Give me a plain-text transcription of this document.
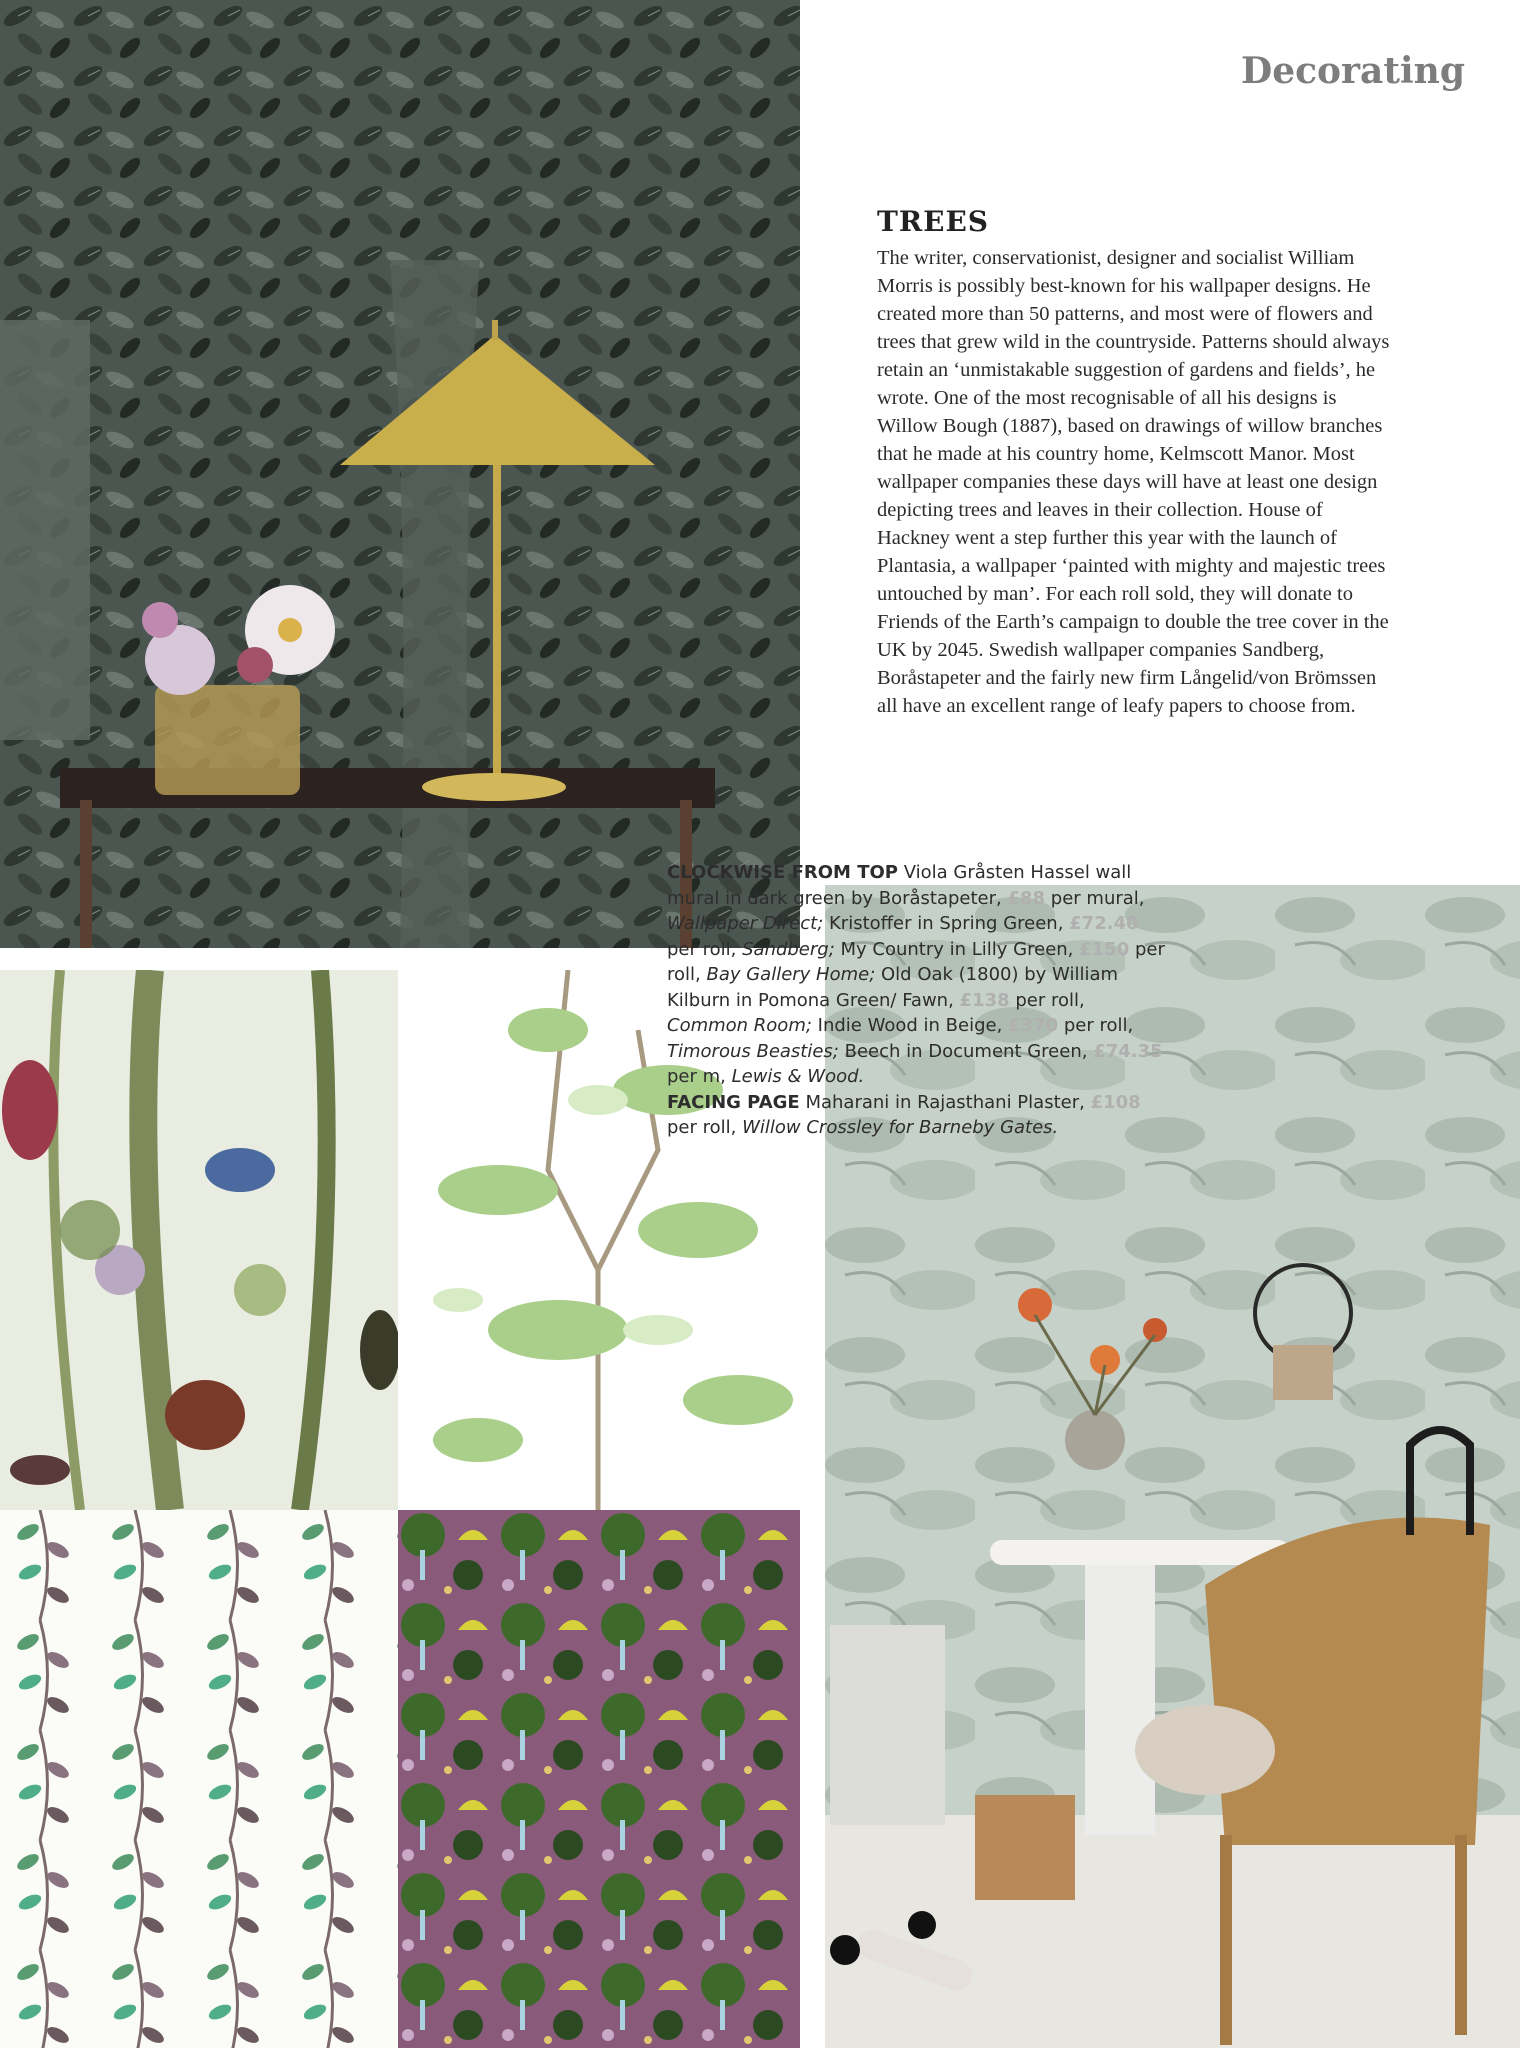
Decorating
TREES

The writer, conservationist, designer and socialist William Morris is possibly best-known for his wallpaper designs. He created more than 50 patterns, and most were of flowers and trees that grew wild in the countryside. Patterns should always retain an ‘unmistakable suggestion of gardens and fields’, he wrote. One of the most recognisable of all his designs is Willow Bough (1887), based on drawings of willow branches that he made at his country home, Kelmscott Manor. Most wallpaper companies these days will have at least one design depicting trees and leaves in their collection. House of Hackney went a step further this year with the launch of Plantasia, a wallpaper ‘painted with mighty and majestic trees untouched by man’. For each roll sold, they will donate to Friends of the Earth’s campaign to double the tree cover in the UK by 2045. Swedish wallpaper companies Sandberg, Boråstapeter and the fairly new firm Långelid/von Brömssen all have an excellent range of leafy papers to choose from.

CLOCKWISE FROM TOP Viola Gråsten Hassel wall mural in dark green by Boråstapeter, £88 per mural, Wallpaper Direct; Kristoffer in Spring Green, £72.40 per roll, Sandberg; My Country in Lilly Green, £150 per roll, Bay Gallery Home; Old Oak (1800) by William Kilburn in Pomona Green/ Fawn, £138 per roll, Common Room; Indie Wood in Beige, £370 per roll, Timorous Beasties; Beech in Document Green, £74.35 per m, Lewis & Wood.
FACING PAGE Maharani in Rajasthani Plaster, £108 per roll, Willow Crossley for Barneby Gates.
